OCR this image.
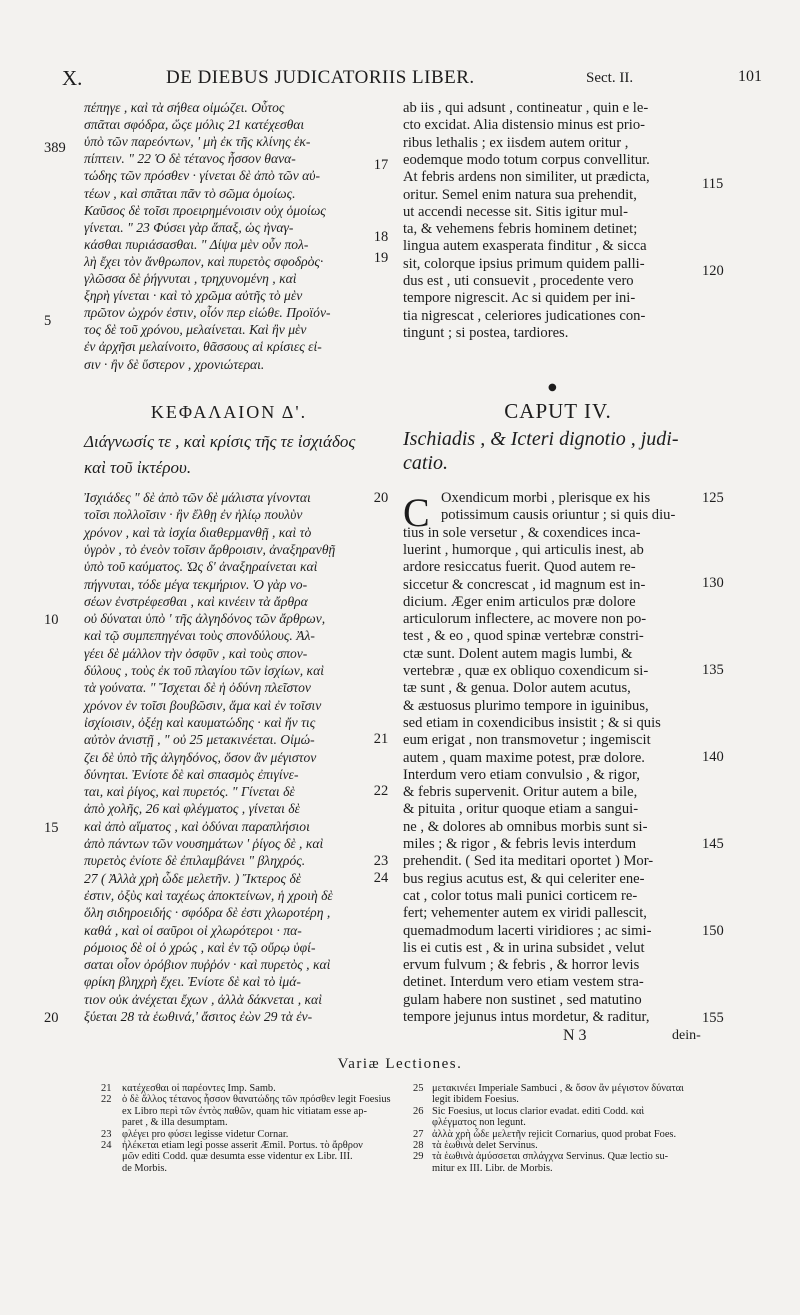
X.	DE DIEBUS JUDICATORIIS LIBER.	Sect. II.	101
πέπηγε , καὶ τὰ σήθεα οἰμώζει. Οὗτος
σπᾶται σφόδρα, ὥςε μόλις 21 κατέχεσθαι
ὑπὸ τῶν παρεόντων, ' μὴ ἐκ τῆς κλίνης ἐκ-
πίπτειν. " 22 Ὁ δὲ τέτανος ἧσσον θανα-
τώδης τῶν πρόσθεν · γίνεται δὲ ἀπὸ τῶν αὐ-
τέων , καὶ σπᾶται πᾶν τὸ σῶμα ὁμοίως.
Καῦσος δὲ τοῖσι προειρημένοισιν οὐχ ὁμοίως
γίνεται. " 23 Φύσει γὰρ ἅπαξ, ὡς ἠναγ-
κάσθαι πυριάσασθαι. " Δίψα μὲν οὖν πολ-
λὴ ἔχει τὸν ἄνθρωπον, καὶ πυρετὸς σφοδρὸς·
γλῶσσα δὲ ῥήγνυται , τρηχυνομένη , καὶ
ξηρὴ γίνεται · καὶ τὸ χρῶμα αὐτῆς τὸ μὲν
πρῶτον ὠχρόν ἐστιν, οἷόν περ εἰώθε. Προϊόν-
τος δὲ τοῦ χρόνου, μελαίνεται. Καὶ ἢν μὲν
ἐν ἀρχῆσι μελαίνοιτο, θᾶσσους αἱ κρίσιες εἰ-
σιν · ἢν δὲ ὕστερον , χρονιώτεραι.
ab iis , qui adsunt , contineatur , quin e le-
cto excidat. Alia distensio minus est prio-
ribus lethalis ; ex iisdem autem oritur ,
eodemque modo totum corpus convellitur.
At febris ardens non similiter, ut prædicta,
oritur. Semel enim natura sua prehendit,
ut accendi necesse sit. Sitis igitur mul-
ta, & vehemens febris hominem detinet;
lingua autem exasperata finditur , & sicca
sit, colorque ipsius primum quidem palli-
dus est , uti consuevit , procedente vero
tempore nigrescit. Ac si quidem per ini-
tia nigrescat , celeriores judicationes con-
tingunt ; si postea, tardiores.
●
ΚΕΦΑΛΑΙΟΝ Δ'.
Διάγνωσίς τε , καὶ κρίσις τῆς τε ἰσχιάδος
καὶ τοῦ ἰκτέρου.
CAPUT IV.
Ischiadis , & Icteri dignotio , judi-
catio.
Ἰσχιάδες " δὲ ἀπὸ τῶν δὲ μάλιστα γίνονται
τοῖσι πολλοῖσιν · ἢν ἔλθῃ ἐν ἡλίῳ πουλὺν
χρόνον , καὶ τὰ ἰσχία διαθερμανθῇ , καὶ τὸ
ὑγρὸν , τὸ ἐνεὸν τοῖσιν ἄρθροισιν, ἀναξηρανθῇ
ὑπὸ τοῦ καύματος. Ὡς δ' ἀναξηραίνεται καὶ
πήγνυται, τόδε μέγα τεκμήριον. Ὁ γὰρ νο-
σέων ἐνστρέφεσθαι , καὶ κινέειν τὰ ἄρθρα
οὐ δύναται ὑπὸ ' τῆς ἀλγηδόνος τῶν ἄρθρων,
καὶ τῷ συμπεπηγέναι τοὺς σπονδύλους. Ἀλ-
γέει δὲ μάλλον τὴν ὀσφῦν , καὶ τοὺς σπον-
δύλους , τοὺς ἐκ τοῦ πλαγίου τῶν ἰσχίων, καὶ
τὰ γούνατα. " Ἴσχεται δὲ ἡ ὀδύνη πλεῖστον
χρόνον ἐν τοῖσι βουβῶσιν, ἅμα καὶ ἐν τοῖσιν
ἰσχίοισιν, ὀξέῃ καὶ καυματώδης · καὶ ἤν τις
αὐτὸν ἀνιστῇ , " οὐ 25 μετακινέεται. Οἰμώ-
ζει δὲ ὑπὸ τῆς ἀλγηδόνος, ὅσον ἂν μέγιστον
δύνηται. Ἐνίοτε δὲ καὶ σπασμὸς ἐπιγίνε-
ται, καὶ ῥίγος, καὶ πυρετός. " Γίνεται δὲ
ἀπὸ χολῆς, 26 καὶ φλέγματος , γίνεται δὲ
καὶ ἀπὸ αἵματος , καὶ ὀδύναι παραπλήσιοι
ἀπὸ πάντων τῶν νουσημάτων ' ῥίγος δὲ , καὶ
πυρετὸς ἐνίοτε δὲ ἐπιλαμβάνει " βληχρός.
27 ( Ἀλλὰ χρὴ ὧδε μελετῆν. ) Ἴκτερος δὲ
ἐστιν, ὀξὺς καὶ ταχέως ἀποκτείνων, ἡ χροιὴ δὲ
ὅλη σιδηροειδής · σφόδρα δὲ ἐστι χλωροτέρη ,
καθά , καὶ οἱ σαῦροι οἱ χλωρότεροι · πα-
ρόμοιος δὲ οἱ ὁ χρώς , καὶ ἐν τῷ οὔρῳ ὑφί-
σαται οἷον ὀρόβιον πυῤῥόν · καὶ πυρετὸς , καὶ
φρίκη βληχρὴ ἔχει. Ἐνίοτε δὲ καὶ τὸ ἱμά-
τιον οὐκ ἀνέχεται ἔχων , ἀλλὰ δάκνεται , καὶ
ξύεται 28 τὰ ἑωθινά,' ἄσιτος ἐὼν 29 τὰ ἐν-
C Oxendicum morbi , plerisque ex his
potissimum causis oriuntur ; si quis diu-
tius in sole versetur , & coxendices inca-
luerint , humorque , qui articulis inest, ab
ardore resiccatus fuerit. Quod autem re-
siccetur & concrescat , id magnum est in-
dicium. Æger enim articulos præ dolore
articulorum inflectere, ac movere non po-
test , & eo , quod spinæ vertebræ constri-
ctæ sunt. Dolent autem magis lumbi, &
vertebræ , quæ ex obliquo coxendicum si-
tæ sunt , & genua. Dolor autem acutus,
& æstuosus plurimo tempore in iguinibus,
sed etiam in coxendicibus insistit ; & si quis
eum erigat , non transmovetur ; ingemiscit
autem , quam maxime potest, præ dolore.
Interdum vero etiam convulsio , & rigor,
& febris supervenit. Oritur autem a bile,
& pituita , oritur quoque etiam a sangui-
ne , & dolores ab omnibus morbis sunt si-
miles ; & rigor , & febris levis interdum
prehendit. ( Sed ita meditari oportet ) Mor-
bus regius acutus est, & qui celeriter ene-
cat , color totus mali punici corticem re-
fert; vehementer autem ex viridi pallescit,
quemadmodum lacerti viridiores ; ac simi-
lis ei cutis est , & in urina subsidet , velut
ervum fulvum ; & febris , & horror levis
detinet. Interdum vero etiam vestem stra-
gulam habere non sustinet , sed matutino
tempore jejunus intus mordetur, & raditur,
17
18
19
20
21
22
23
24
389
5
10
15
20
115
120
125
130
135
140
145
150
155
N 3	dein-
Variæ Lectiones.
21 κατέχεσθαι οἱ παρέοντες Imp. Samb.
22 ὁ δὲ ἄλλος τέτανος ἧσσον θανατώδης τῶν πρόσθεν legit Foesius
ex Libro περὶ τῶν ἐντὸς παθῶν, quam hic vitiatam esse ap-
paret , & illa desumptam.
23 φλέγει pro φύσει legisse videtur Cornar.
24 ἠλέκεται etiam legi posse asserit Æmil. Portus. τὸ ἄρθρον
μῶν editi Codd. quæ desumta esse videntur ex Libr. III.
de Morbis.
25 μετακινέει Imperiale Sambuci , & ὅσον ἂν μέγιστον δύναται
legit ibidem Foesius.
26 Sic Foesius, ut locus clarior evadat. editi Codd. καὶ
φλέγματος non legunt.
27 ἀλλὰ χρὴ ὧδε μελετῆν rejicit Cornarius, quod probat Foes.
28 τὰ ἑωθινὰ delet Servinus.
29 τὰ ἑωθινὰ ἀμύσσεται σπλάγχνα Servinus. Quæ lectio su-
mitur ex III. Libr. de Morbis.
